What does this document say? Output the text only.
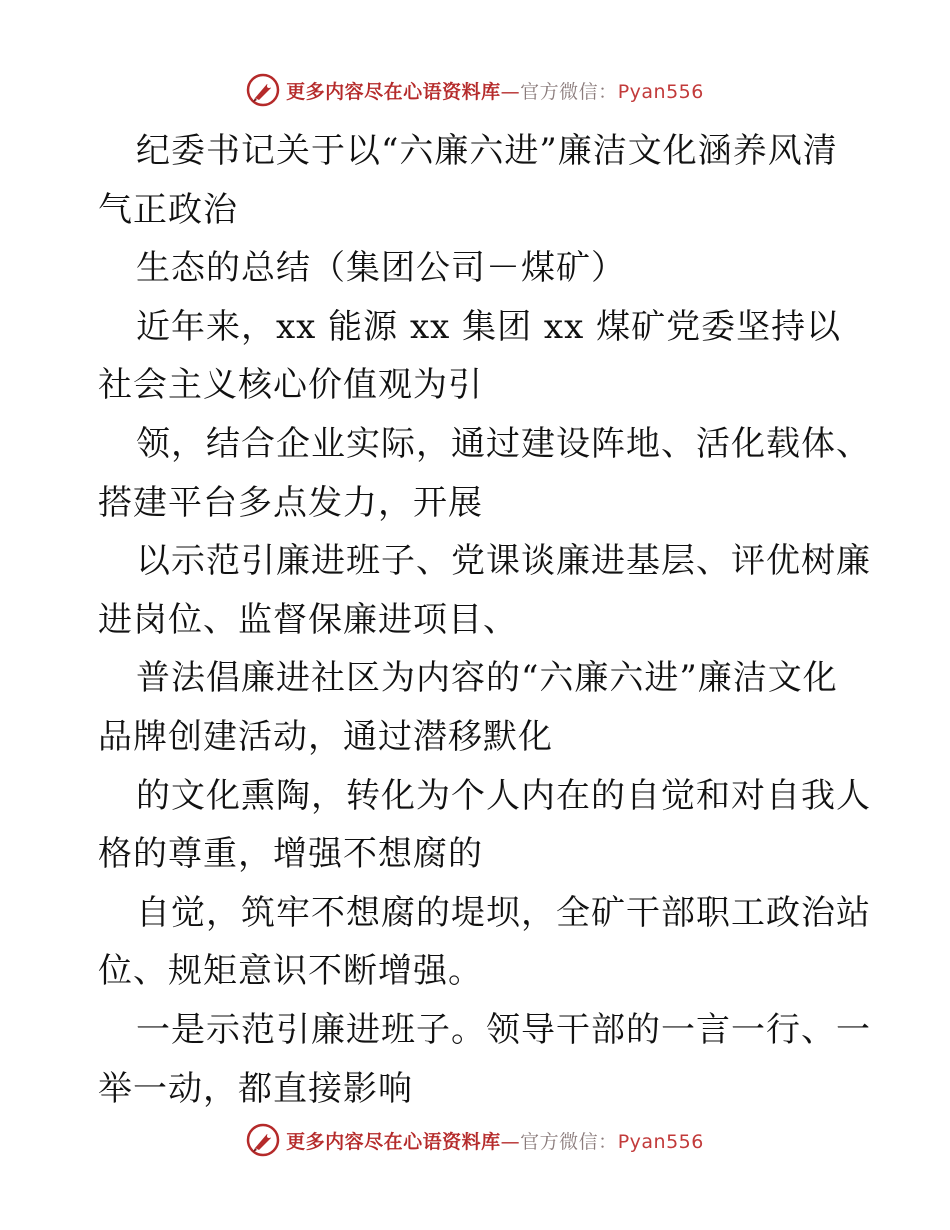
更多内容尽在心语资料库—官方微信：Pyan556
纪委书记关于以“六廉六进”廉洁文化涵养风清
气正政治
生态的总结（集团公司－煤矿）
近年来，xx 能源 xx 集团 xx 煤矿党委坚持以
社会主义核心价值观为引
领，结合企业实际，通过建设阵地、活化载体、
搭建平台多点发力，开展
以示范引廉进班子、党课谈廉进基层、评优树廉
进岗位、监督保廉进项目、
普法倡廉进社区为内容的“六廉六进”廉洁文化
品牌创建活动，通过潜移默化
的文化熏陶，转化为个人内在的自觉和对自我人
格的尊重，增强不想腐的
自觉，筑牢不想腐的堤坝，全矿干部职工政治站
位、规矩意识不断增强。
一是示范引廉进班子。领导干部的一言一行、一
举一动，都直接影响
更多内容尽在心语资料库—官方微信：Pyan556
